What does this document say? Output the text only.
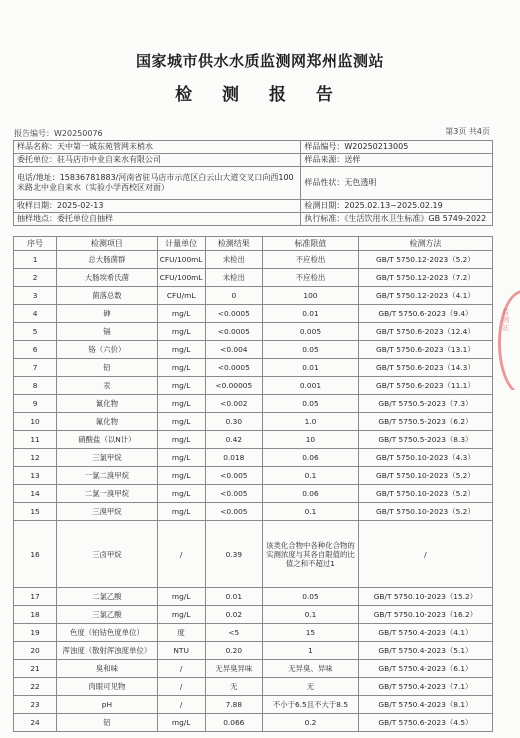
国家城市供水水质监测网郑州监测站
检 测 报 告
报告编号：W20250076	第3页 共4页
样品名称：天中第一城东苑管网末梢水	样品编号：W20250213005
委托单位：驻马店市中业自来水有限公司	样品来源：送样
电话/地址：15836781883/河南省驻马店市示范区白云山大道交叉口向西100米路北中业自来水（实验小学西校区对面）	样品性状：无色透明
收样日期：2025-02-13	检测日期：2025.02.13~2025.02.19
抽样地点：委托单位自抽样	执行标准：《生活饮用水卫生标准》GB 5749-2022
序号	检测项目	计量单位	检测结果	标准限值	检测方法
1	总大肠菌群	CFU/100mL	未检出	不应检出	GB/T 5750.12-2023（5.2）
2	大肠埃希氏菌	CFU/100mL	未检出	不应检出	GB/T 5750.12-2023（7.2）
3	菌落总数	CFU/mL	0	100	GB/T 5750.12-2023（4.1）
4	砷	mg/L	<0.0005	0.01	GB/T 5750.6-2023（9.4）
5	镉	mg/L	<0.0005	0.005	GB/T 5750.6-2023（12.4）
6	铬（六价）	mg/L	<0.004	0.05	GB/T 5750.6-2023（13.1）
7	铅	mg/L	<0.0005	0.01	GB/T 5750.6-2023（14.3）
8	汞	mg/L	<0.00005	0.001	GB/T 5750.6-2023（11.1）
9	氰化物	mg/L	<0.002	0.05	GB/T 5750.5-2023（7.3）
10	氟化物	mg/L	0.30	1.0	GB/T 5750.5-2023（6.2）
11	硝酸盐（以N计）	mg/L	0.42	10	GB/T 5750.5-2023（8.3）
12	三氯甲烷	mg/L	0.018	0.06	GB/T 5750.10-2023（4.3）
13	一氯二溴甲烷	mg/L	<0.005	0.1	GB/T 5750.10-2023（5.2）
14	二氯一溴甲烷	mg/L	<0.005	0.06	GB/T 5750.10-2023（5.2）
15	三溴甲烷	mg/L	<0.005	0.1	GB/T 5750.10-2023（5.2）
16	三卤甲烷	/	0.39	该类化合物中各种化合物的实测浓度与其各自限值的比值之和不超过1	/
17	二氯乙酸	mg/L	0.01	0.05	GB/T 5750.10-2023（15.2）
18	三氯乙酸	mg/L	0.02	0.1	GB/T 5750.10-2023（16.2）
19	色度（铂钴色度单位）	度	<5	15	GB/T 5750.4-2023（4.1）
20	浑浊度（散射浑浊度单位）	NTU	0.20	1	GB/T 5750.4-2023（5.1）
21	臭和味	/	无异臭异味	无异臭、异味	GB/T 5750.4-2023（6.1）
22	肉眼可见物	/	无	无	GB/T 5750.4-2023（7.1）
23	pH	/	7.88	不小于6.5且不大于8.5	GB/T 5750.4-2023（8.1）
24	铝	mg/L	0.066	0.2	GB/T 5750.6-2023（4.5）
监测站
